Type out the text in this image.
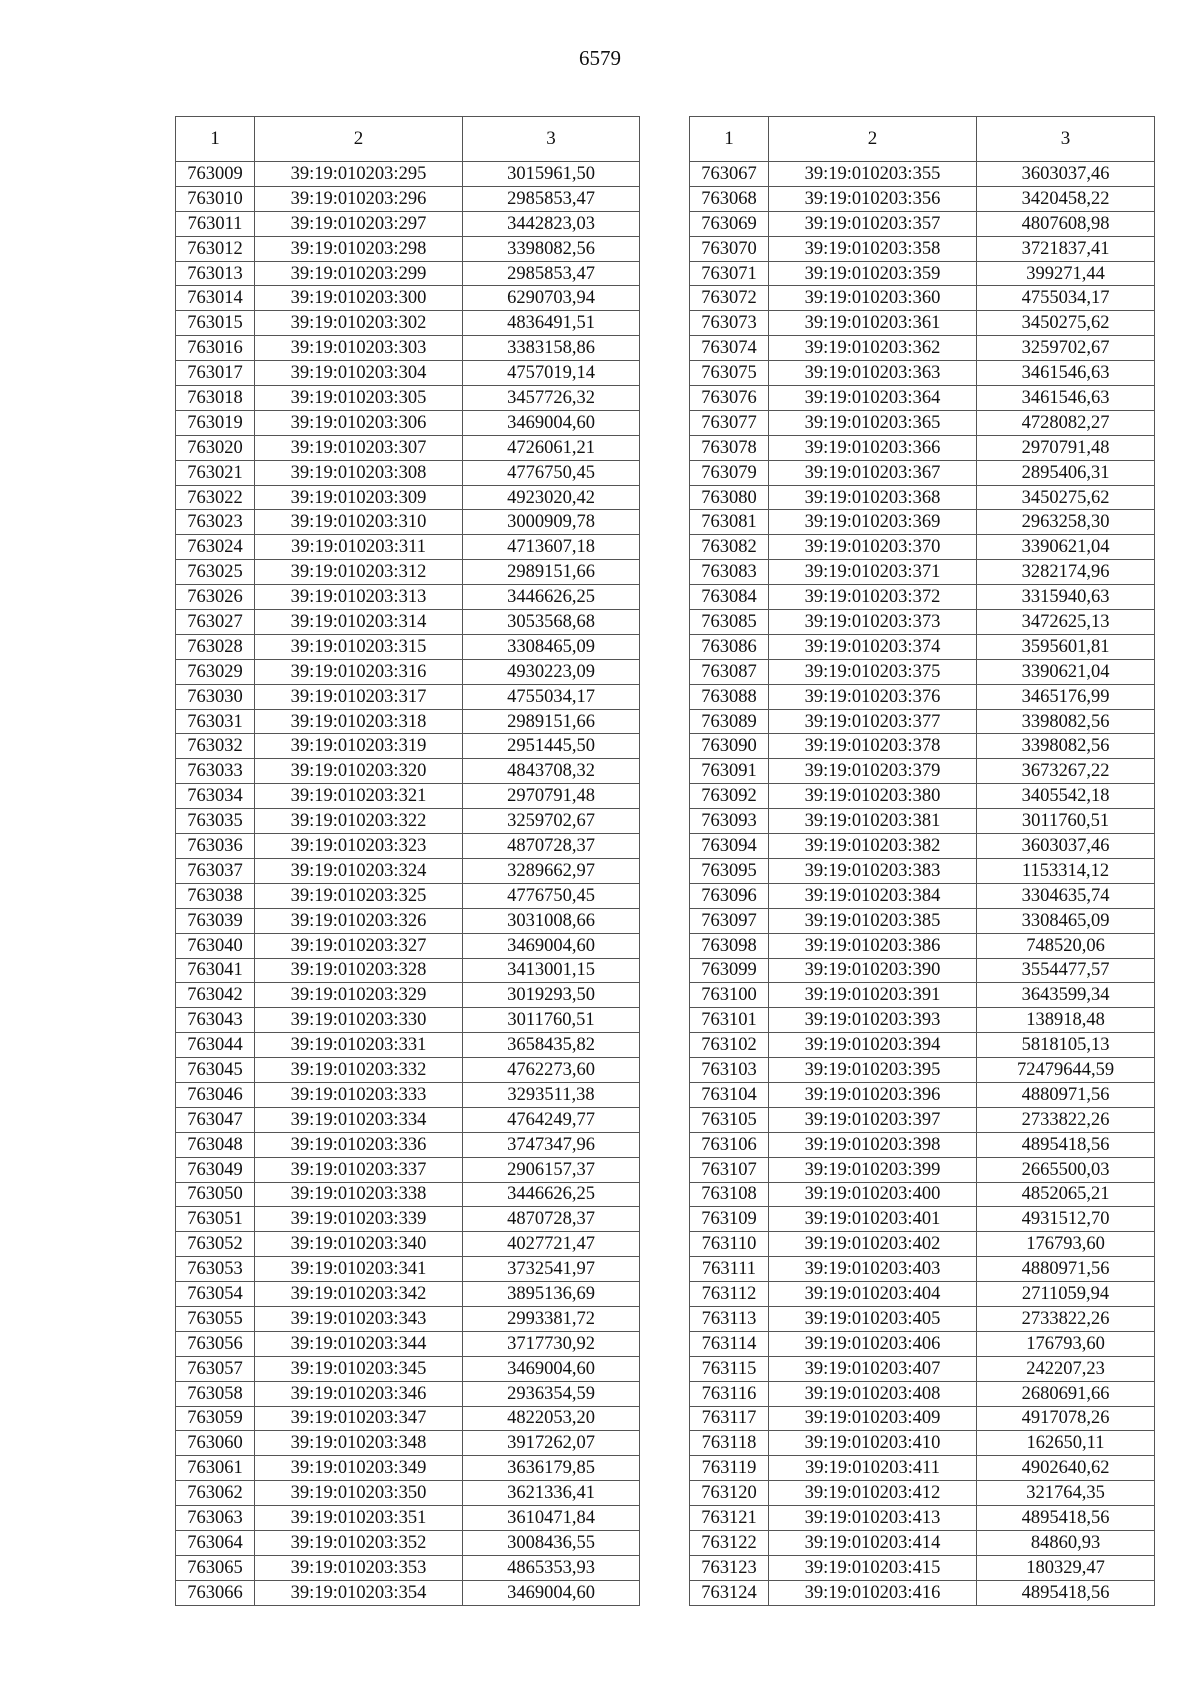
6579
1	2	3
763009	39:19:010203:295	3015961,50
763010	39:19:010203:296	2985853,47
763011	39:19:010203:297	3442823,03
763012	39:19:010203:298	3398082,56
763013	39:19:010203:299	2985853,47
763014	39:19:010203:300	6290703,94
763015	39:19:010203:302	4836491,51
763016	39:19:010203:303	3383158,86
763017	39:19:010203:304	4757019,14
763018	39:19:010203:305	3457726,32
763019	39:19:010203:306	3469004,60
763020	39:19:010203:307	4726061,21
763021	39:19:010203:308	4776750,45
763022	39:19:010203:309	4923020,42
763023	39:19:010203:310	3000909,78
763024	39:19:010203:311	4713607,18
763025	39:19:010203:312	2989151,66
763026	39:19:010203:313	3446626,25
763027	39:19:010203:314	3053568,68
763028	39:19:010203:315	3308465,09
763029	39:19:010203:316	4930223,09
763030	39:19:010203:317	4755034,17
763031	39:19:010203:318	2989151,66
763032	39:19:010203:319	2951445,50
763033	39:19:010203:320	4843708,32
763034	39:19:010203:321	2970791,48
763035	39:19:010203:322	3259702,67
763036	39:19:010203:323	4870728,37
763037	39:19:010203:324	3289662,97
763038	39:19:010203:325	4776750,45
763039	39:19:010203:326	3031008,66
763040	39:19:010203:327	3469004,60
763041	39:19:010203:328	3413001,15
763042	39:19:010203:329	3019293,50
763043	39:19:010203:330	3011760,51
763044	39:19:010203:331	3658435,82
763045	39:19:010203:332	4762273,60
763046	39:19:010203:333	3293511,38
763047	39:19:010203:334	4764249,77
763048	39:19:010203:336	3747347,96
763049	39:19:010203:337	2906157,37
763050	39:19:010203:338	3446626,25
763051	39:19:010203:339	4870728,37
763052	39:19:010203:340	4027721,47
763053	39:19:010203:341	3732541,97
763054	39:19:010203:342	3895136,69
763055	39:19:010203:343	2993381,72
763056	39:19:010203:344	3717730,92
763057	39:19:010203:345	3469004,60
763058	39:19:010203:346	2936354,59
763059	39:19:010203:347	4822053,20
763060	39:19:010203:348	3917262,07
763061	39:19:010203:349	3636179,85
763062	39:19:010203:350	3621336,41
763063	39:19:010203:351	3610471,84
763064	39:19:010203:352	3008436,55
763065	39:19:010203:353	4865353,93
763066	39:19:010203:354	3469004,60
1	2	3
763067	39:19:010203:355	3603037,46
763068	39:19:010203:356	3420458,22
763069	39:19:010203:357	4807608,98
763070	39:19:010203:358	3721837,41
763071	39:19:010203:359	399271,44
763072	39:19:010203:360	4755034,17
763073	39:19:010203:361	3450275,62
763074	39:19:010203:362	3259702,67
763075	39:19:010203:363	3461546,63
763076	39:19:010203:364	3461546,63
763077	39:19:010203:365	4728082,27
763078	39:19:010203:366	2970791,48
763079	39:19:010203:367	2895406,31
763080	39:19:010203:368	3450275,62
763081	39:19:010203:369	2963258,30
763082	39:19:010203:370	3390621,04
763083	39:19:010203:371	3282174,96
763084	39:19:010203:372	3315940,63
763085	39:19:010203:373	3472625,13
763086	39:19:010203:374	3595601,81
763087	39:19:010203:375	3390621,04
763088	39:19:010203:376	3465176,99
763089	39:19:010203:377	3398082,56
763090	39:19:010203:378	3398082,56
763091	39:19:010203:379	3673267,22
763092	39:19:010203:380	3405542,18
763093	39:19:010203:381	3011760,51
763094	39:19:010203:382	3603037,46
763095	39:19:010203:383	1153314,12
763096	39:19:010203:384	3304635,74
763097	39:19:010203:385	3308465,09
763098	39:19:010203:386	748520,06
763099	39:19:010203:390	3554477,57
763100	39:19:010203:391	3643599,34
763101	39:19:010203:393	138918,48
763102	39:19:010203:394	5818105,13
763103	39:19:010203:395	72479644,59
763104	39:19:010203:396	4880971,56
763105	39:19:010203:397	2733822,26
763106	39:19:010203:398	4895418,56
763107	39:19:010203:399	2665500,03
763108	39:19:010203:400	4852065,21
763109	39:19:010203:401	4931512,70
763110	39:19:010203:402	176793,60
763111	39:19:010203:403	4880971,56
763112	39:19:010203:404	2711059,94
763113	39:19:010203:405	2733822,26
763114	39:19:010203:406	176793,60
763115	39:19:010203:407	242207,23
763116	39:19:010203:408	2680691,66
763117	39:19:010203:409	4917078,26
763118	39:19:010203:410	162650,11
763119	39:19:010203:411	4902640,62
763120	39:19:010203:412	321764,35
763121	39:19:010203:413	4895418,56
763122	39:19:010203:414	84860,93
763123	39:19:010203:415	180329,47
763124	39:19:010203:416	4895418,56
